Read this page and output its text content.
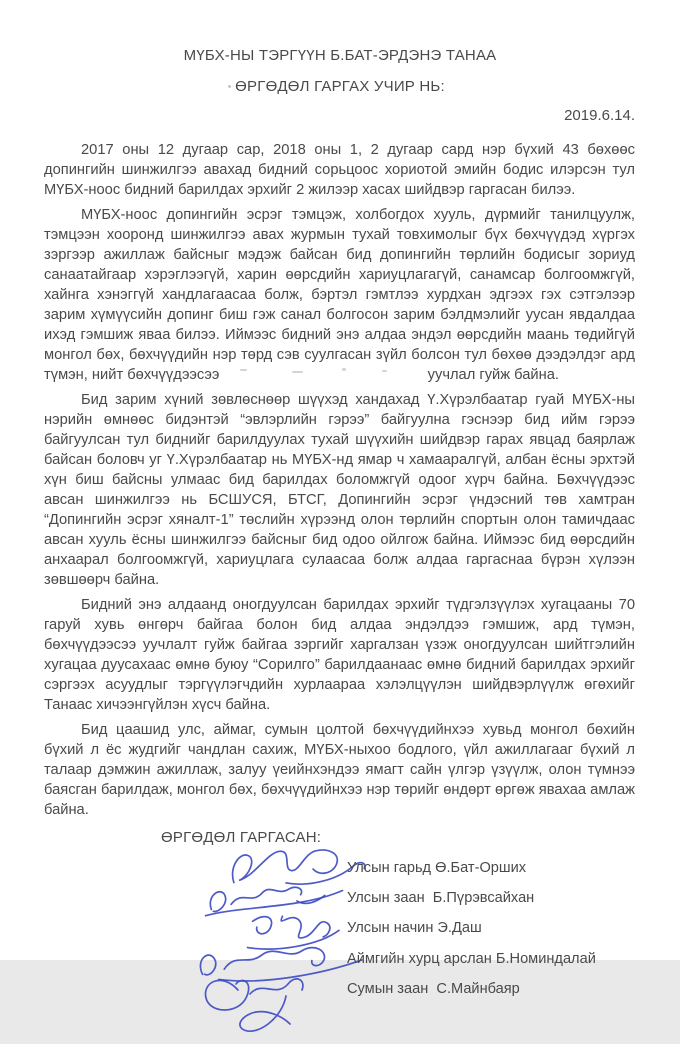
МҮБХ-НЫ ТЭРГҮҮН Б.БАТ-ЭРДЭНЭ ТАНАА
ӨРГӨДӨЛ ГАРГАХ УЧИР НЬ:
2019.6.14.

2017 оны 12 дугаар сар, 2018 оны 1, 2 дугаар сард нэр бүхий 43 бөхөөс допингийн шинжилгээ авахад бидний сорьцоос хориотой эмийн бодис илэрсэн тул МҮБХ-ноос бидний барилдах эрхийг 2 жилээр хасах шийдвэр гаргасан билээ.

МҮБХ-ноос допингийн эсрэг тэмцэж, холбогдох хууль, дүрмийг танилцуулж, тэмцээн хооронд шинжилгээ авах журмын тухай товхимолыг бүх бөхчүүдэд хүргэх зэргээр ажиллаж байсныг мэдэж байсан бид допингийн төрлийн бодисыг зориуд санаатайгаар хэрэглээгүй, харин өөрсдийн хариуцлагагүй, санамсар болгоомжгүй, хайнга хэнэггүй хандлагаасаа болж, бэртэл гэмтлээ хурдхан эдгээх гэх сэтгэлээр зарим хүмүүсийн допинг биш гэж санал болгосон зарим бэлдмэлийг уусан явдалдаа ихэд гэмшиж яваа билээ. Иймээс бидний энэ алдаа эндэл өөрсдийн маань төдийгүй монгол бөх, бөхчүүдийн нэр төрд сэв суулгасан зүйл болсон тул бөхөө дээдэлдэг ард түмэн, нийт бөхчүүдээсээ	уучлал гуйж байна.

Бид зарим хүний зөвлөснөөр шүүхэд хандахад Ү.Хүрэлбаатар гуай МҮБХ-ны нэрийн өмнөөс бидэнтэй “эвлэрлийн гэрээ” байгуулна гэснээр бид ийм гэрээ байгуулсан тул биднийг барилдуулах тухай шүүхийн шийдвэр гарах явцад баярлаж байсан боловч уг Ү.Хүрэлбаатар нь МҮБХ-нд ямар ч хамааралгүй, албан ёсны эрхтэй хүн биш байсны улмаас бид барилдах боломжгүй одоог хүрч байна. Бөхчүүдээс авсан шинжилгээ нь БСШУСЯ, БТСГ, Допингийн эсрэг үндэсний төв хамтран “Допингийн эсрэг хяналт-1” төслийн хүрээнд олон төрлийн спортын олон тамичдаас авсан хууль ёсны шинжилгээ байсныг бид одоо ойлгож байна. Иймээс бид өөрсдийн анхаарал болгоомжгүй, хариуцлага сулаасаа болж алдаа гаргаснаа бүрэн хүлээн зөвшөөрч байна.

Бидний энэ алдаанд оногдуулсан барилдах эрхийг түдгэлзүүлэх хугацааны 70 гаруй хувь өнгөрч байгаа болон бид алдаа эндэлдээ гэмшиж, ард түмэн, бөхчүүдээсээ уучлалт гуйж байгаа зэргийг харгалзан үзэж оногдуулсан шийтгэлийн хугацаа дуусахаас өмнө буюу “Сорилго” барилдаанаас өмнө бидний барилдах эрхийг сэргээх асуудлыг тэргүүлэгчдийн хурлаараа хэлэлцүүлэн шийдвэрлүүлж өгөхийг Танаас хичээнгүйлэн хүсч байна.

Бид цаашид улс, аймаг, сумын цолтой бөхчүүдийнхээ хувьд монгол бөхийн бүхий л ёс жудгийг чандлан сахиж, МҮБХ-ныхоо бодлого, үйл ажиллагааг бүхий л талаар дэмжин ажиллаж, залуу үеийнхэндээ ямагт сайн үлгэр үзүүлж, олон түмнээ баясган барилдаж, монгол бөх, бөхчүүдийнхээ нэр төрийг өндөрт өргөж явахаа амлаж байна.

ӨРГӨДӨЛ ГАРГАСАН:
Улсын гарьд Ө.Бат-Орших
Улсын заан  Б.Пүрэвсайхан
Улсын начин Э.Даш
Аймгийн хурц арслан Б.Номиндалай
Сумын заан  С.Майнбаяр
